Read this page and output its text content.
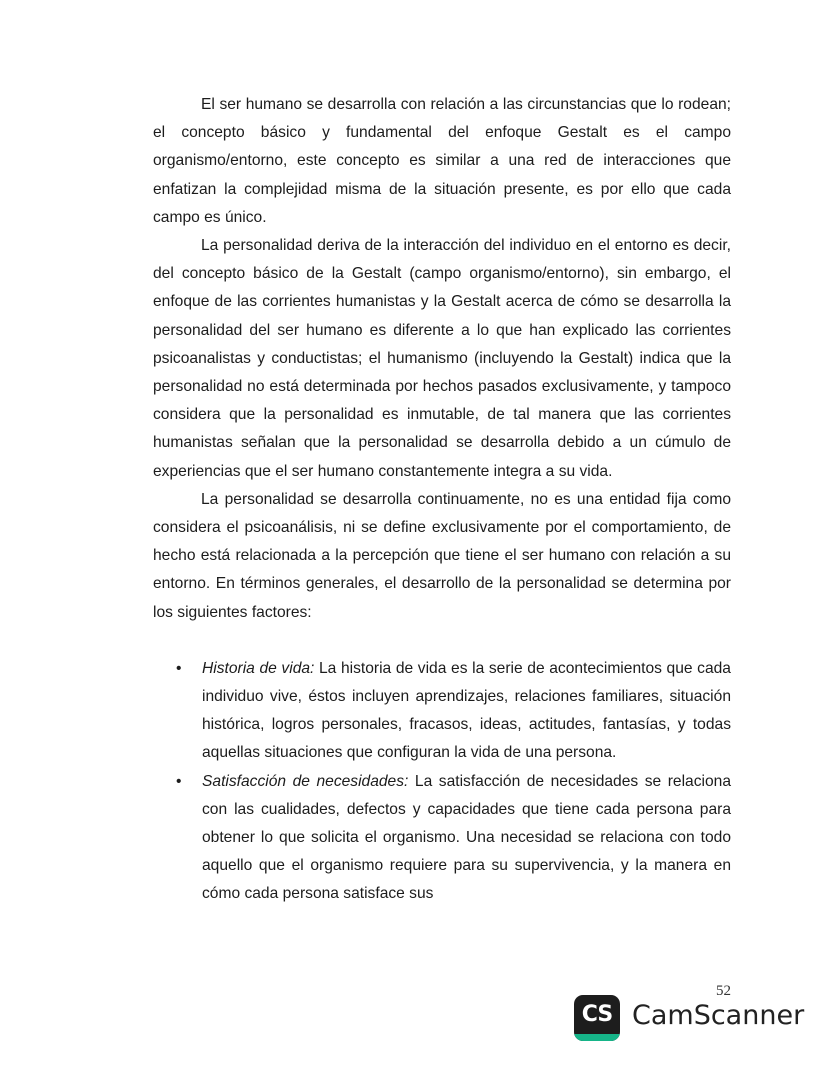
El ser humano se desarrolla con relación a las circunstancias que lo rodean; el concepto básico y fundamental del enfoque Gestalt es el campo organismo/entorno, este concepto es similar a una red de interacciones que enfatizan la complejidad misma de la situación presente, es por ello que cada campo es único.

La personalidad deriva de la interacción del individuo en el entorno es decir, del concepto básico de la Gestalt (campo organismo/entorno), sin embargo, el enfoque de las corrientes humanistas y la Gestalt acerca de cómo se desarrolla la personalidad del ser humano es diferente a lo que han explicado las corrientes psicoanalistas y conductistas; el humanismo (incluyendo la Gestalt) indica que la personalidad no está determinada por hechos pasados exclusivamente, y tampoco considera que la personalidad es inmutable, de tal manera que las corrientes humanistas señalan que la personalidad se desarrolla debido a un cúmulo de experiencias que el ser humano constantemente integra a su vida.

La personalidad se desarrolla continuamente, no es una entidad fija como considera el psicoanálisis, ni se define exclusivamente por el comportamiento, de hecho está relacionada a la percepción que tiene el ser humano con relación a su entorno. En términos generales, el desarrollo de la personalidad se determina por los siguientes factores:

• Historia de vida: La historia de vida es la serie de acontecimientos que cada individuo vive, éstos incluyen aprendizajes, relaciones familiares, situación histórica, logros personales, fracasos, ideas, actitudes, fantasías, y todas aquellas situaciones que configuran la vida de una persona.
• Satisfacción de necesidades: La satisfacción de necesidades se relaciona con las cualidades, defectos y capacidades que tiene cada persona para obtener lo que solicita el organismo. Una necesidad se relaciona con todo aquello que el organismo requiere para su supervivencia, y la manera en cómo cada persona satisface sus
52
CS CamScanner
